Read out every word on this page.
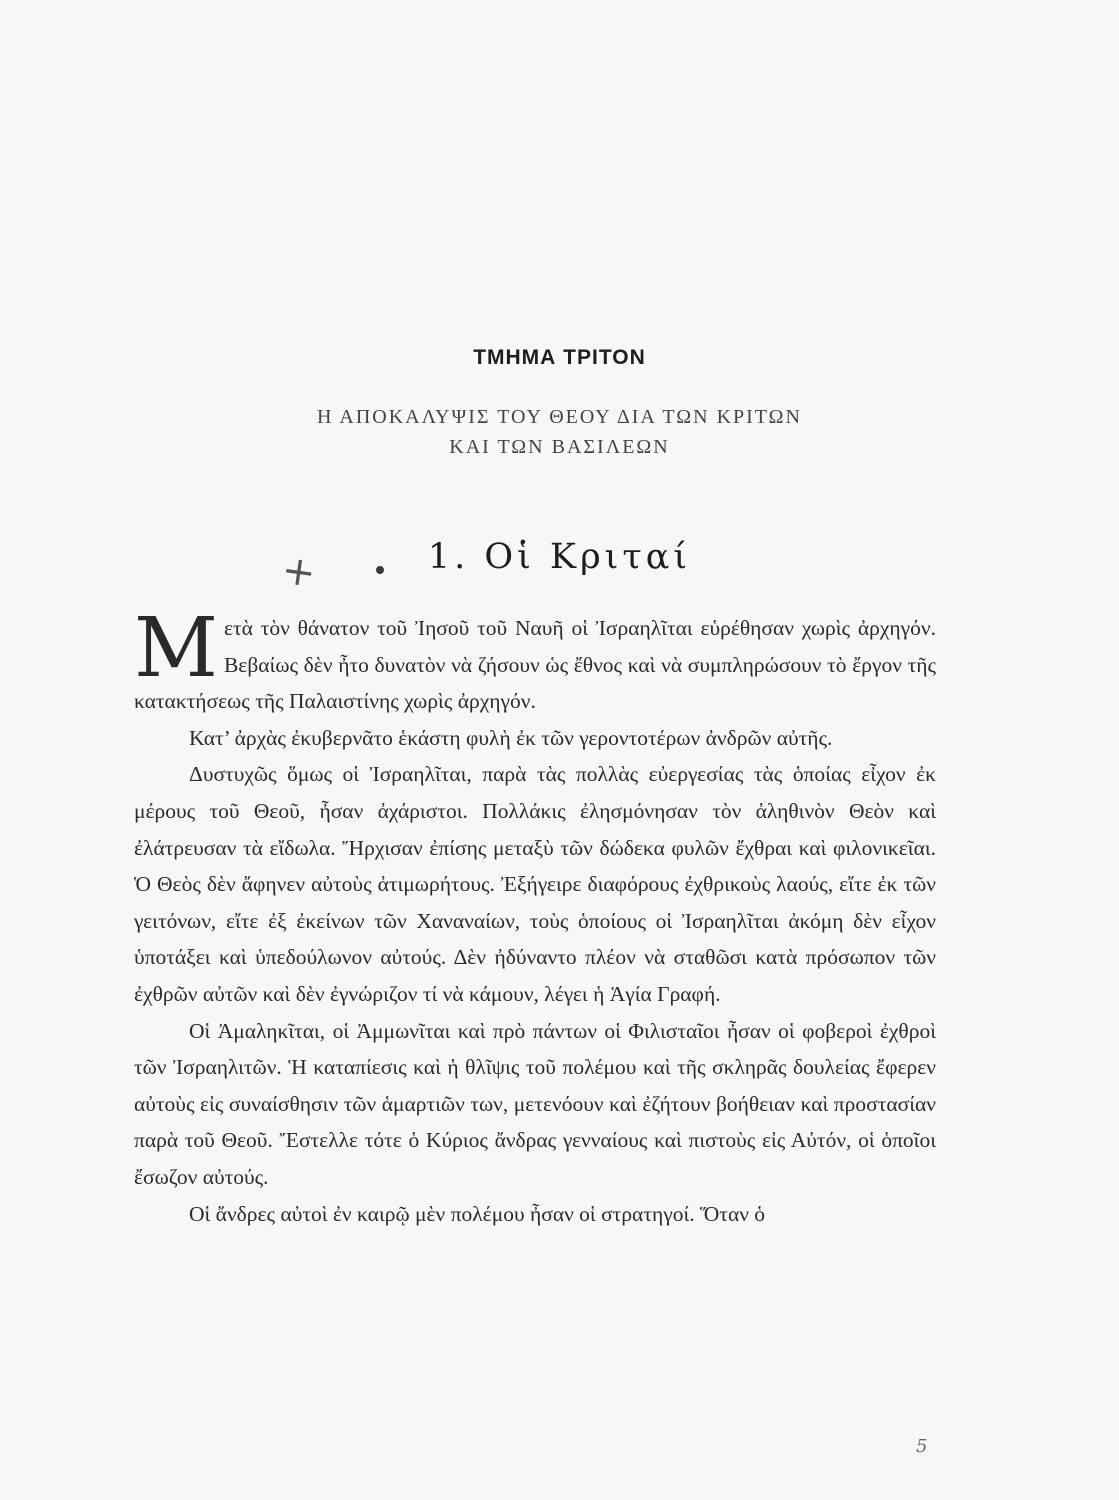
ΤΜΗΜΑ ΤΡΙΤΟΝ
Η ΑΠΟΚΑΛΥΨΙΣ ΤΟΥ ΘΕΟΥ ΔΙΑ ΤΩΝ ΚΡΙΤΩΝ
ΚΑΙ ΤΩΝ ΒΑΣΙΛΕΩΝ
+	1. Οἱ Κριταί

Μετὰ τὸν θάνατον τοῦ Ἰησοῦ τοῦ Ναυῆ οἱ Ἰσραηλῖται εὑρέθησαν χωρὶς ἀρχηγόν. Βεβαίως δὲν ἦτο δυνατὸν νὰ ζήσουν ὡς ἔθνος καὶ νὰ συμπληρώσουν τὸ ἔργον τῆς κατακτήσεως τῆς Παλαιστίνης χωρὶς ἀρχηγόν.

Κατ’ ἀρχὰς ἐκυβερνᾶτο ἑκάστη φυλὴ ἐκ τῶν γεροντοτέρων ἀνδρῶν αὐτῆς.

Δυστυχῶς ὅμως οἱ Ἰσραηλῖται, παρὰ τὰς πολλὰς εὐεργεσίας τὰς ὁποίας εἶχον ἐκ μέρους τοῦ Θεοῦ, ἦσαν ἀχάριστοι. Πολλάκις ἐλησμόνησαν τὸν ἀληθινὸν Θεὸν καὶ ἐλάτρευσαν τὰ εἴδωλα. Ἤρχισαν ἐπίσης μεταξὺ τῶν δώδεκα φυλῶν ἔχθραι καὶ φιλονικεῖαι. Ὁ Θεὸς δὲν ἄφηνεν αὐτοὺς ἀτιμωρήτους. Ἐξήγειρε διαφόρους ἐχθρικοὺς λαούς, εἴτε ἐκ τῶν γειτόνων, εἴτε ἐξ ἐκείνων τῶν Χαναναίων, τοὺς ὁποίους οἱ Ἰσραηλῖται ἀκόμη δὲν εἶχον ὑποτάξει καὶ ὑπεδούλωνον αὐτούς. Δὲν ἠδύναντο πλέον νὰ σταθῶσι κατὰ πρόσωπον τῶν ἐχθρῶν αὐτῶν καὶ δὲν ἐγνώριζον τί νὰ κάμουν, λέγει ἡ Ἁγία Γραφή.

Οἱ Ἀμαληκῖται, οἱ Ἀμμωνῖται καὶ πρὸ πάντων οἱ Φιλισταῖοι ἦσαν οἱ φοβεροὶ ἐχθροὶ τῶν Ἰσραηλιτῶν. Ἡ καταπίεσις καὶ ἡ θλῖψις τοῦ πολέμου καὶ τῆς σκληρᾶς δουλείας ἔφερεν αὐτοὺς εἰς συναίσθησιν τῶν ἁμαρτιῶν των, μετενόουν καὶ ἐζήτουν βοήθειαν καὶ προστασίαν παρὰ τοῦ Θεοῦ. Ἔστελλε τότε ὁ Κύριος ἄνδρας γενναίους καὶ πιστοὺς εἰς Αὐτόν, οἱ ὁποῖοι ἔσωζον αὐτούς.

Οἱ ἄνδρες αὐτοὶ ἐν καιρῷ μὲν πολέμου ἦσαν οἱ στρατηγοί. Ὅταν ὁ

5
